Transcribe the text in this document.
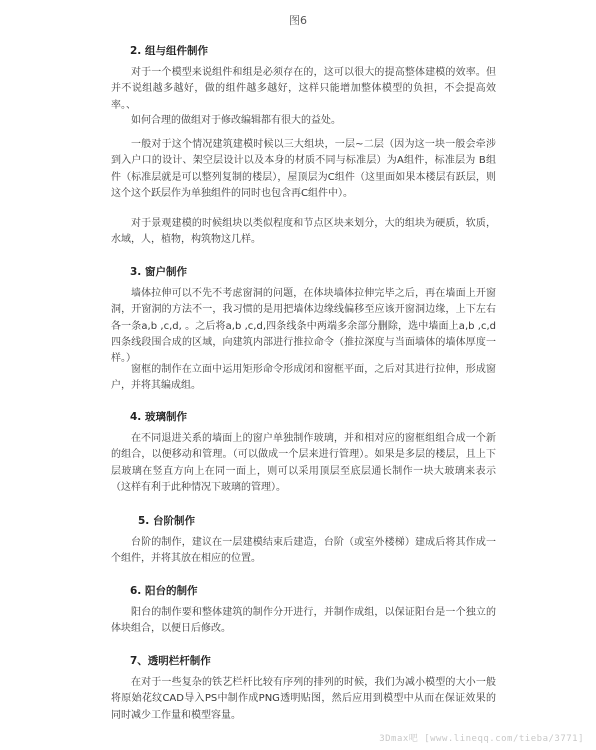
图6
2. 组与组件制作

对于一个模型来说组件和组是必须存在的，这可以很大的提高整体建模的效率。但并不说组越多越好，做的组件越多越好，这样只能增加整体模型的负担，不会提高效率。、

如何合理的做组对于修改编辑都有很大的益处。

一般对于这个情况建筑建模时候以三大组块，一层~二层（因为这一块一般会牵涉到入户口的设计、架空层设计以及本身的材质不同与标准层）为A组件，标准层为 B组件（标准层就是可以整列复制的楼层），屋顶层为C组件（这里面如果本楼层有跃层，则这个这个跃层作为单独组件的同时也包含再C组件中）。

对于景观建模的时候组块以类似程度和节点区块来划分，大的组块为硬质，软质，水域，人，植物，构筑物这几样。

3. 窗户制作

墙体拉伸可以不先不考虑窗洞的问题，在体块墙体拉伸完毕之后，再在墙面上开窗洞，开窗洞的方法不一，我习惯的是用把墙体边缘线偏移至应该开窗洞边缘，上下左右各一条a,b ,c,d, 。之后将a,b ,c,d,四条线条中两端多余部分删除，选中墙面上a,b ,c,d四条线段围合成的区域，向建筑内部进行推拉命令（推拉深度与当面墙体的墙体厚度一样。）

窗框的制作在立面中运用矩形命令形成闭和窗框平面，之后对其进行拉伸，形成窗户，并将其编成组。

4. 玻璃制作

在不同退进关系的墙面上的窗户单独制作玻璃，并和相对应的窗框组组合成一个新的组合，以便移动和管理。（可以做成一个层来进行管理）。如果是多层的楼层，且上下层玻璃在竖直方向上在同一面上，则可以采用顶层至底层通长制作一块大玻璃来表示（这样有利于此种情况下玻璃的管理）。

5. 台阶制作

台阶的制作，建议在一层建模结束后建造，台阶（或室外楼梯）建成后将其作成一个组件，并将其放在相应的位置。

6. 阳台的制作

阳台的制作要和整体建筑的制作分开进行，并制作成组，以保证阳台是一个独立的体块组合，以便日后修改。

7、透明栏杆制作

在对于一些复杂的铁艺栏杆比较有序列的排列的时候，我们为减小模型的大小一般将原始花纹CAD导入PS中制作成PNG透明贴图，然后应用到模型中从而在保证效果的同时减少工作量和模型容量。

3Dmax吧 [www.lineqq.com/tieba/3771]
